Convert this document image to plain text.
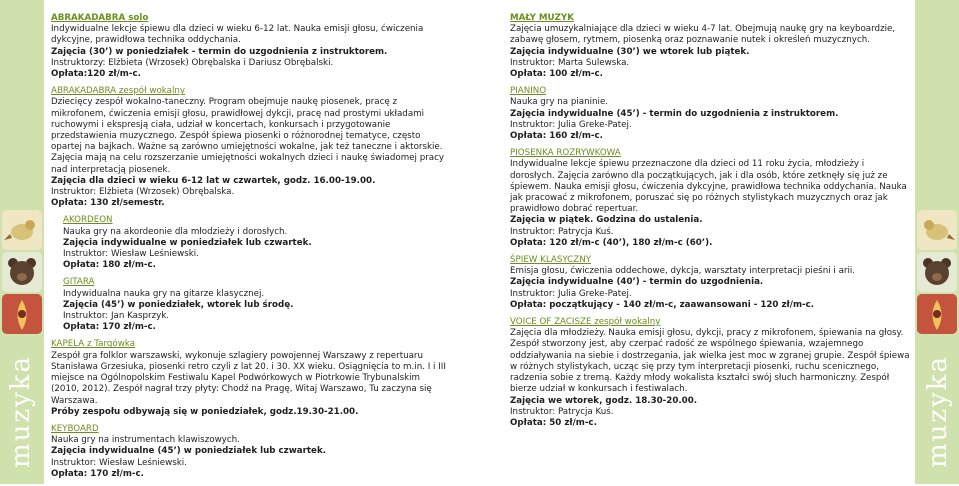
muzyka	muzyka

ABRAKADABRA solo

Indywidualne lekcje śpiewu dla dzieci w wieku 6-12 lat. Nauka emisji głosu, ćwiczenia dykcyjne, prawidłowa technika oddychania.

Zajęcia (30’) w poniedziałek - termin do uzgodnienia z instruktorem.

Instruktorzy: Elżbieta (Wrzosek) Obrębalska i Dariusz Obrębalski.

Opłata:120 zł/m-c.

ABRAKADABRA zespół wokalny

Dziecięcy zespół wokalno-taneczny. Program obejmuje naukę piosenek, pracę z mikrofonem, ćwiczenia emisji głosu, prawidłowej dykcji, pracę nad prostymi układami ruchowymi i ekspresją ciała, udział w koncertach, konkursach i przygotowanie przedstawienia muzycznego. Zespół śpiewa piosenki o różnorodnej tematyce, często opartej na bajkach. Ważne są zarówno umiejętności wokalne, jak też taneczne i aktorskie. Zajęcia mają na celu rozszerzanie umiejętności wokalnych dzieci i naukę świadomej pracy nad interpretacją piosenek.

Zajęcia dla dzieci w wieku 6-12 lat w czwartek, godz. 16.00-19.00.

Instruktor: Elżbieta (Wrzosek) Obrębalska.

Opłata: 130 zł/semestr.

AKORDEON

Nauka gry na akordeonie dla młodzieży i dorosłych.

Zajęcia indywidualne w poniedziałek lub czwartek.

Instruktor: Wiesław Leśniewski.

Opłata: 180 zł/m-c.

GITARA

Indywidualna nauka gry na gitarze klasycznej.

Zajęcia (45’) w poniedziałek, wtorek lub środę.

Instruktor: Jan Kasprzyk.

Opłata: 170 zł/m-c.

KAPELA z Targówka

Zespół gra folklor warszawski, wykonuje szlagiery powojennej Warszawy z repertuaru Stanisława Grzesiuka, piosenki retro czyli z lat 20. i 30. XX wieku. Osiągnięcia to m.in. I i III miejsce na Ogólnopolskim Festiwalu Kapel Podwórkowych w Piotrkowie Trybunalskim (2010, 2012). Zespół nagrał trzy płyty: Chodź na Pragę, Witaj Warszawo, Tu zaczyna się Warszawa.

Próby zespołu odbywają się w poniedziałek, godz.19.30-21.00.

KEYBOARD

Nauka gry na instrumentach klawiszowych.

Zajęcia indywidualne (45’) w poniedziałek lub czwartek.

Instruktor: Wiesław Leśniewski.

Opłata: 170 zł/m-c.

MAŁY MUZYK

Zajęcia umuzykalniające dla dzieci w wieku 4-7 lat. Obejmują naukę gry na keyboardzie, zabawę głosem, rytmem, piosenką oraz poznawanie nutek i określeń muzycznych.

Zajęcia indywidualne (30’) we wtorek lub piątek.

Instruktor: Marta Sulewska.

Opłata: 100 zł/m-c.

PIANINO

Nauka gry na pianinie.

Zajęcia indywidualne (45’) - termin do uzgodnienia z instruktorem.

Instruktor: Julia Greke-Patej.

Opłata: 160 zł/m-c.

PIOSENKA ROZRYWKOWA

Indywidualne lekcje śpiewu przeznaczone dla dzieci od 11 roku życia, młodzieży i dorosłych. Zajęcia zarówno dla początkujących, jak i dla osób, które zetknęły się już ze śpiewem. Nauka emisji głosu, ćwiczenia dykcyjne, prawidłowa technika oddychania. Nauka jak pracować z mikrofonem, poruszać się po różnych stylistykach muzycznych oraz jak prawidłowo dobrać repertuar.

Zajęcia w piątek. Godzina do ustalenia.

Instruktor: Patrycja Kuś.

Opłata: 120 zł/m-c (40’), 180 zł/m-c (60’).

ŚPIEW KLASYCZNY

Emisja głosu, ćwiczenia oddechowe, dykcja, warsztaty interpretacji pieśni i arii.

Zajęcia indywidualne (40’) - termin do uzgodnienia.

Instruktor: Julia Greke-Patej.

Opłata: początkujący - 140 zł/m-c, zaawansowani - 120 zł/m-c.

VOICE OF ZACISZE zespół wokalny

Zajęcia dla młodzieży. Nauka emisji głosu, dykcji, pracy z mikrofonem, śpiewania na głosy. Zespół stworzony jest, aby czerpać radość ze wspólnego śpiewania, wzajemnego oddziaływania na siebie i dostrzegania, jak wielka jest moc w zgranej grupie. Zespół śpiewa w różnych stylistykach, ucząc się przy tym interpretacji piosenki, ruchu scenicznego, radzenia sobie z tremą. Każdy młody wokalista kształci swój słuch harmoniczny. Zespół bierze udział w konkursach i festiwalach.

Zajęcia we wtorek, godz. 18.30-20.00.

Instruktor: Patrycja Kuś.

Opłata: 50 zł/m-c.
